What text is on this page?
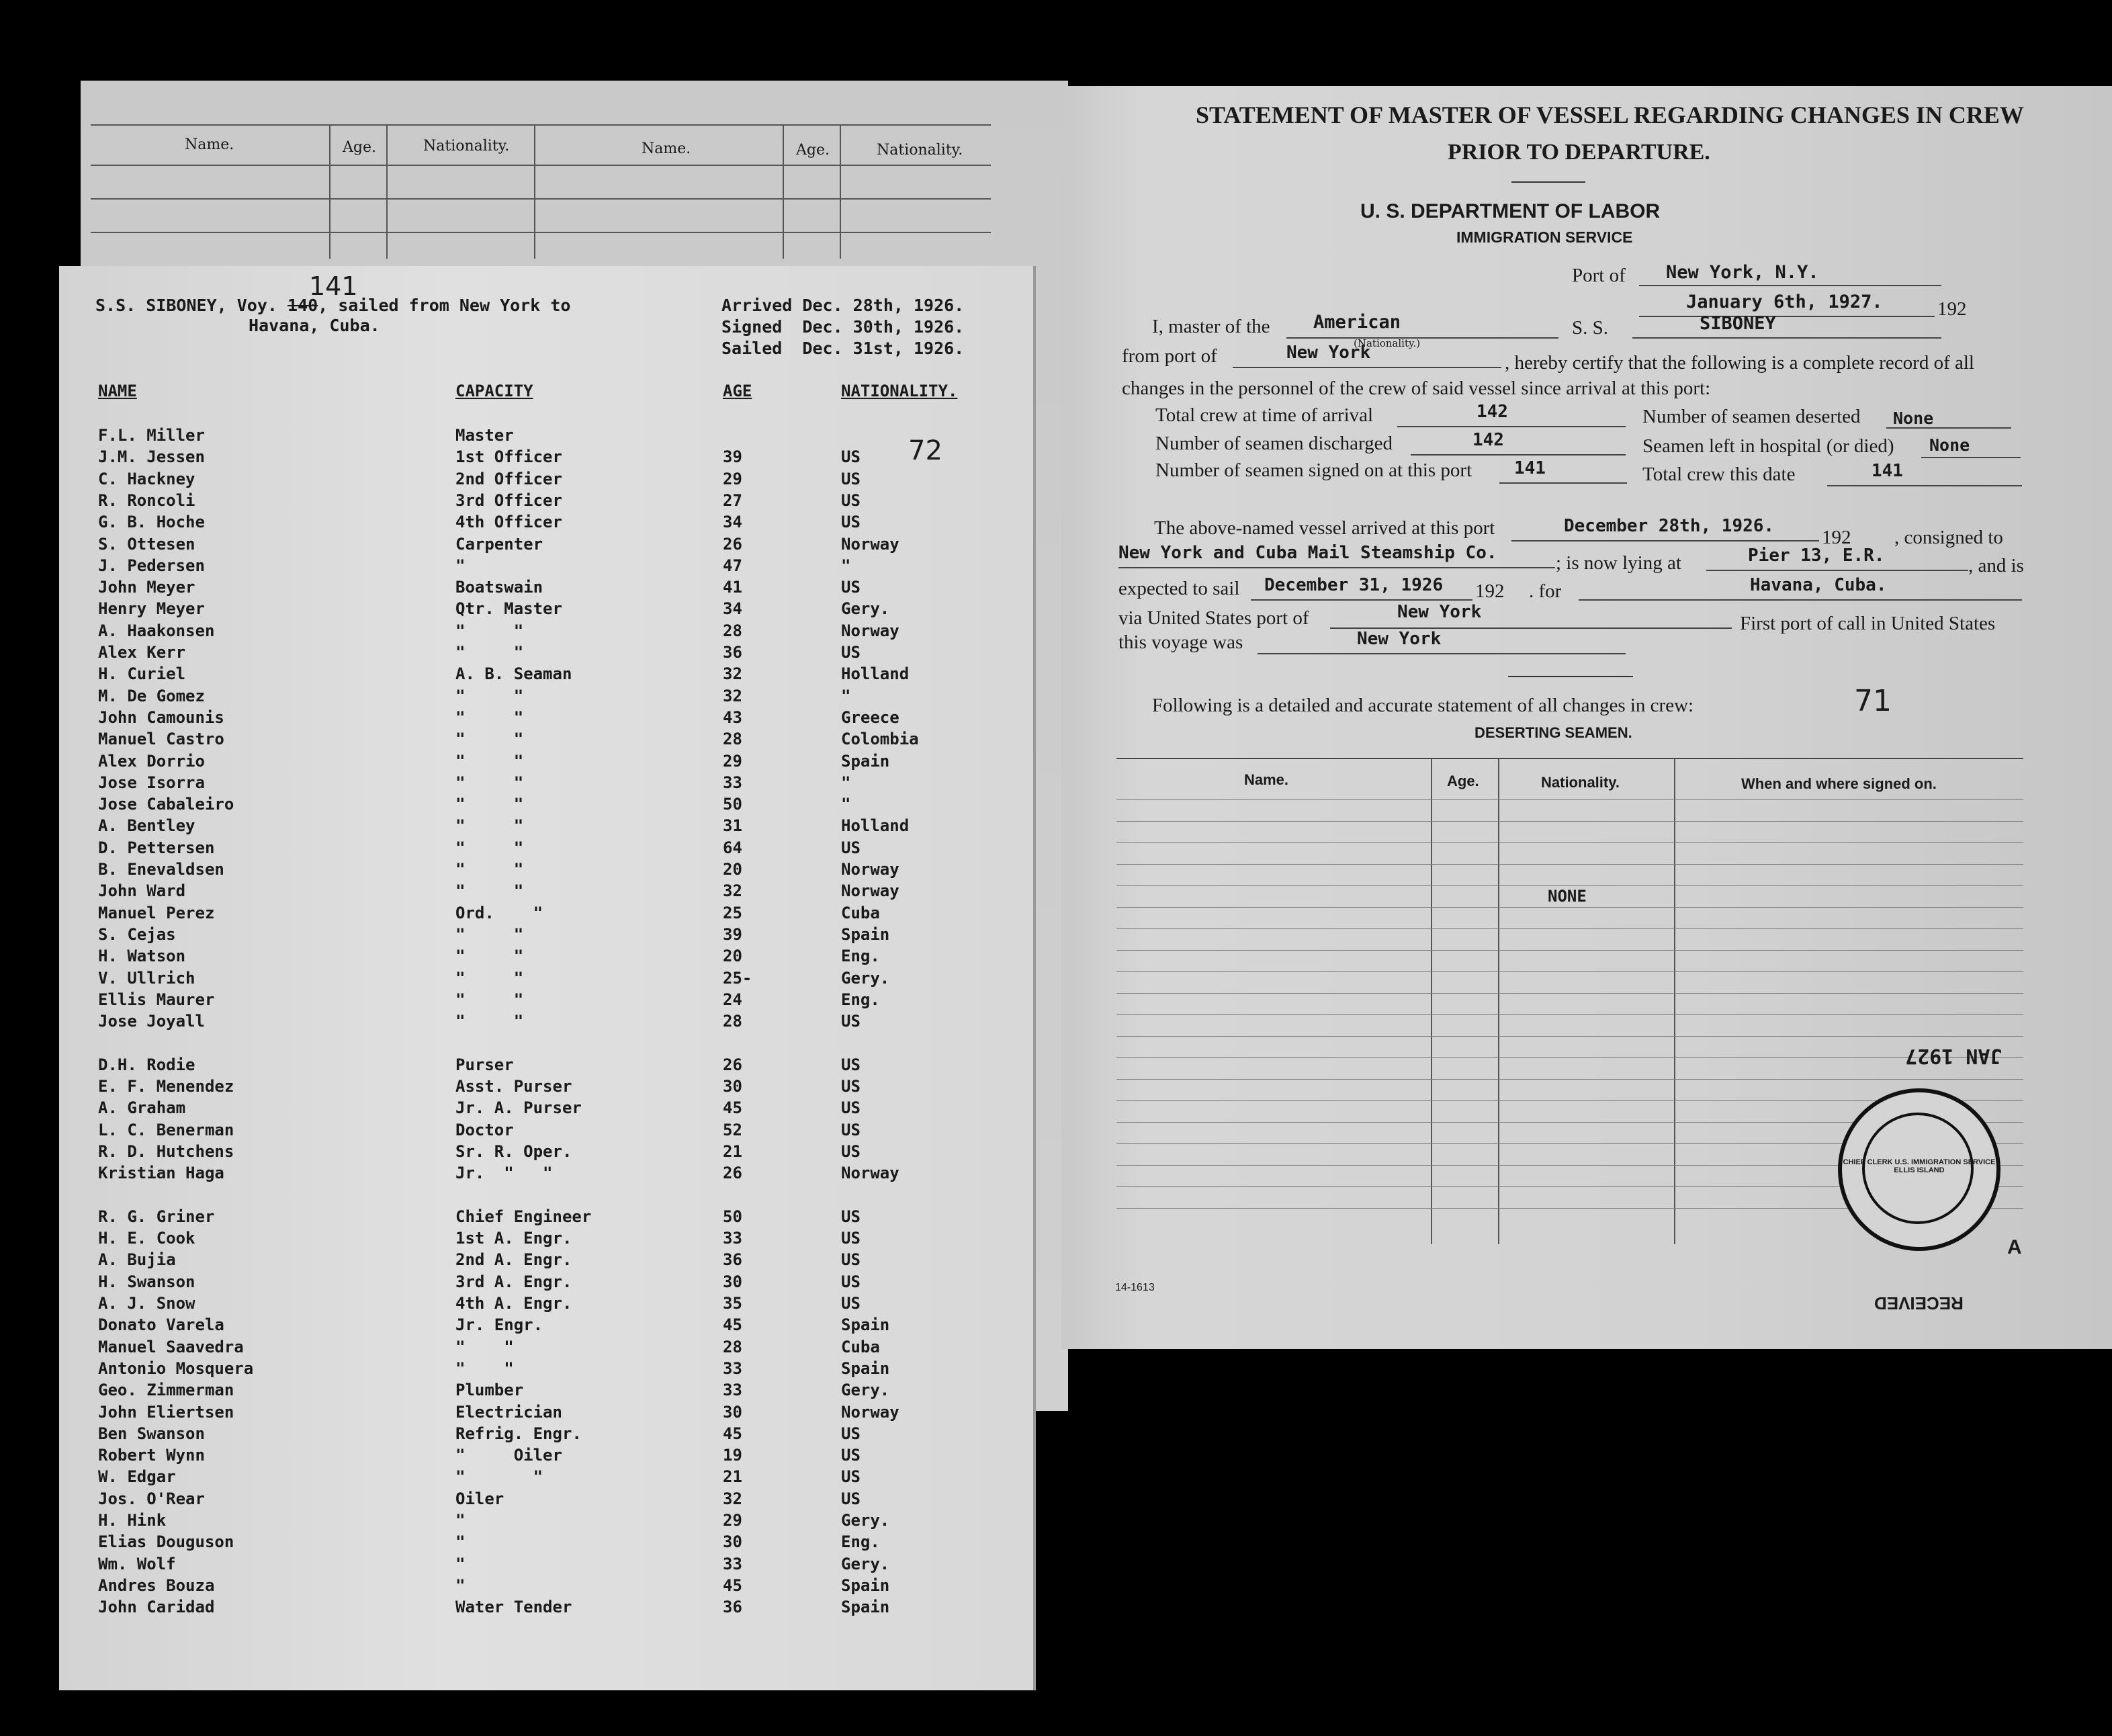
Name.	Age.	Nationality.	Name.	Age.	Nationality.
STATEMENT OF MASTER OF VESSEL REGARDING CHANGES IN CREW
PRIOR TO DEPARTURE.
U. S. DEPARTMENT OF LABOR
IMMIGRATION SERVICE
Port of New York, N.Y.
January 6th, 1927.	192
I, master of the American	S. S.	SIBONEY
from port of	New York
(Nationality.)
, hereby certify that the following is a complete record of all
changes in the personnel of the crew of said vessel since arrival at this port:
Total crew at time of arrival	142	Number of seamen deserted None
Number of seamen discharged	142	Seamen left in hospital (or died) None
Number of seamen signed on at this port 141	Total crew this date	141
The above-named vessel arrived at this port	December 28th, 1926.
192 , consigned to
New York and Cuba Mail Steamship Co.	; is now lying at	Pier 13, E.R.	, and is
expected to sail December 31, 1926 192 . for	Havana, Cuba.
via United States port of	New York
First port of call in United States
this voyage was	New York
Following is a detailed and accurate statement of all changes in crew:	71
DESERTING SEAMEN.
Name.	Age.	Nationality.	When and where signed on.
NONE
14-1613
RECEIVED
JAN 1927
CHIEF CLERK U.S. IMMIGRATION SERVICE ELLIS ISLAND
A
S.S. SIBONEY, Voy. 140, sailed from New York to
141
Havana, Cuba.
Arrived Dec. 28th, 1926.
Signed  Dec. 30th, 1926.
Sailed  Dec. 31st, 1926.
NAME	CAPACITY	AGE	NATIONALITY.
72
F.L. Miller	Master
J.M. Jessen	1st Officer	39	US
C. Hackney	2nd Officer	29	US
R. Roncoli	3rd Officer	27	US
G. B. Hoche	4th Officer	34	US
S. Ottesen	Carpenter	26	Norway
J. Pedersen	"	47	"
John Meyer	Boatswain	41	US
Henry Meyer	Qtr. Master	34	Gery.
A. Haakonsen	"     "	28	Norway
Alex Kerr	"     "	36	US
H. Curiel	A. B. Seaman	32	Holland
M. De Gomez	"     "	32	"
John Camounis	"     "	43	Greece
Manuel Castro	"     "	28	Colombia
Alex Dorrio	"     "	29	Spain
Jose Isorra	"     "	33	"
Jose Cabaleiro	"     "	50	"
A. Bentley	"     "	31	Holland
D. Pettersen	"     "	64	US
B. Enevaldsen	"     "	20	Norway
John Ward	"     "	32	Norway
Manuel Perez	Ord.    "	25	Cuba
S. Cejas	"     "	39	Spain
H. Watson	"     "	20	Eng.
V. Ullrich	"     "	25-	Gery.
Ellis Maurer	"     "	24	Eng.
Jose Joyall	"     "	28	US
D.H. Rodie	Purser	26	US
E. F. Menendez	Asst. Purser	30	US
A. Graham	Jr. A. Purser	45	US
L. C. Benerman	Doctor	52	US
R. D. Hutchens	Sr. R. Oper.	21	US
Kristian Haga	Jr.  "   "	26	Norway
R. G. Griner	Chief Engineer	50	US
H. E. Cook	1st A. Engr.	33	US
A. Bujia	2nd A. Engr.	36	US
H. Swanson	3rd A. Engr.	30	US
A. J. Snow	4th A. Engr.	35	US
Donato Varela	Jr. Engr.	45	Spain
Manuel Saavedra	"    "	28	Cuba
Antonio Mosquera	"    "	33	Spain
Geo. Zimmerman	Plumber	33	Gery.
John Eliertsen	Electrician	30	Norway
Ben Swanson	Refrig. Engr.	45	US
Robert Wynn	"     Oiler	19	US
W. Edgar	"       "	21	US
Jos. O'Rear	Oiler	32	US
H. Hink	"	29	Gery.
Elias Douguson	"	30	Eng.
Wm. Wolf	"	33	Gery.
Andres Bouza	"	45	Spain
John Caridad	Water Tender	36	Spain
